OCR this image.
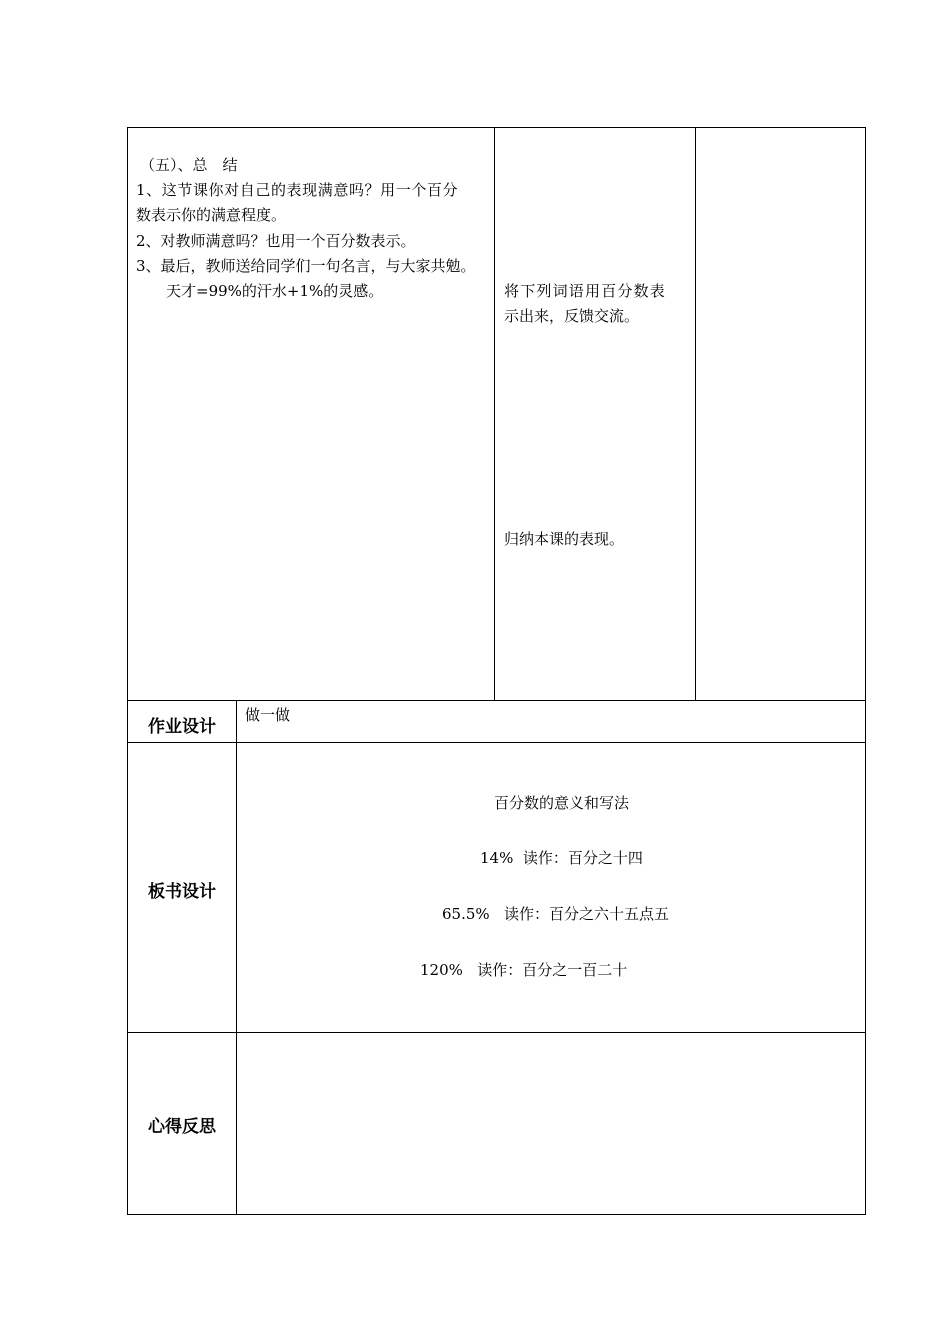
（五）、总　结
1、这节课你对自己的表现满意吗？用一个百分
数表示你的满意程度。
2、对教师满意吗？也用一个百分数表示。
3、最后，教师送给同学们一句名言，与大家共勉。
　　天才=99%的汗水+1%的灵感。	将下列词语用百分数表
示出来，反馈交流。
归纳本课的表现。
作业设计
做一做
板书设计
百分数的意义和写法
14%  读作：百分之十四
65.5%   读作：百分之六十五点五
120%   读作：百分之一百二十
心得反思
